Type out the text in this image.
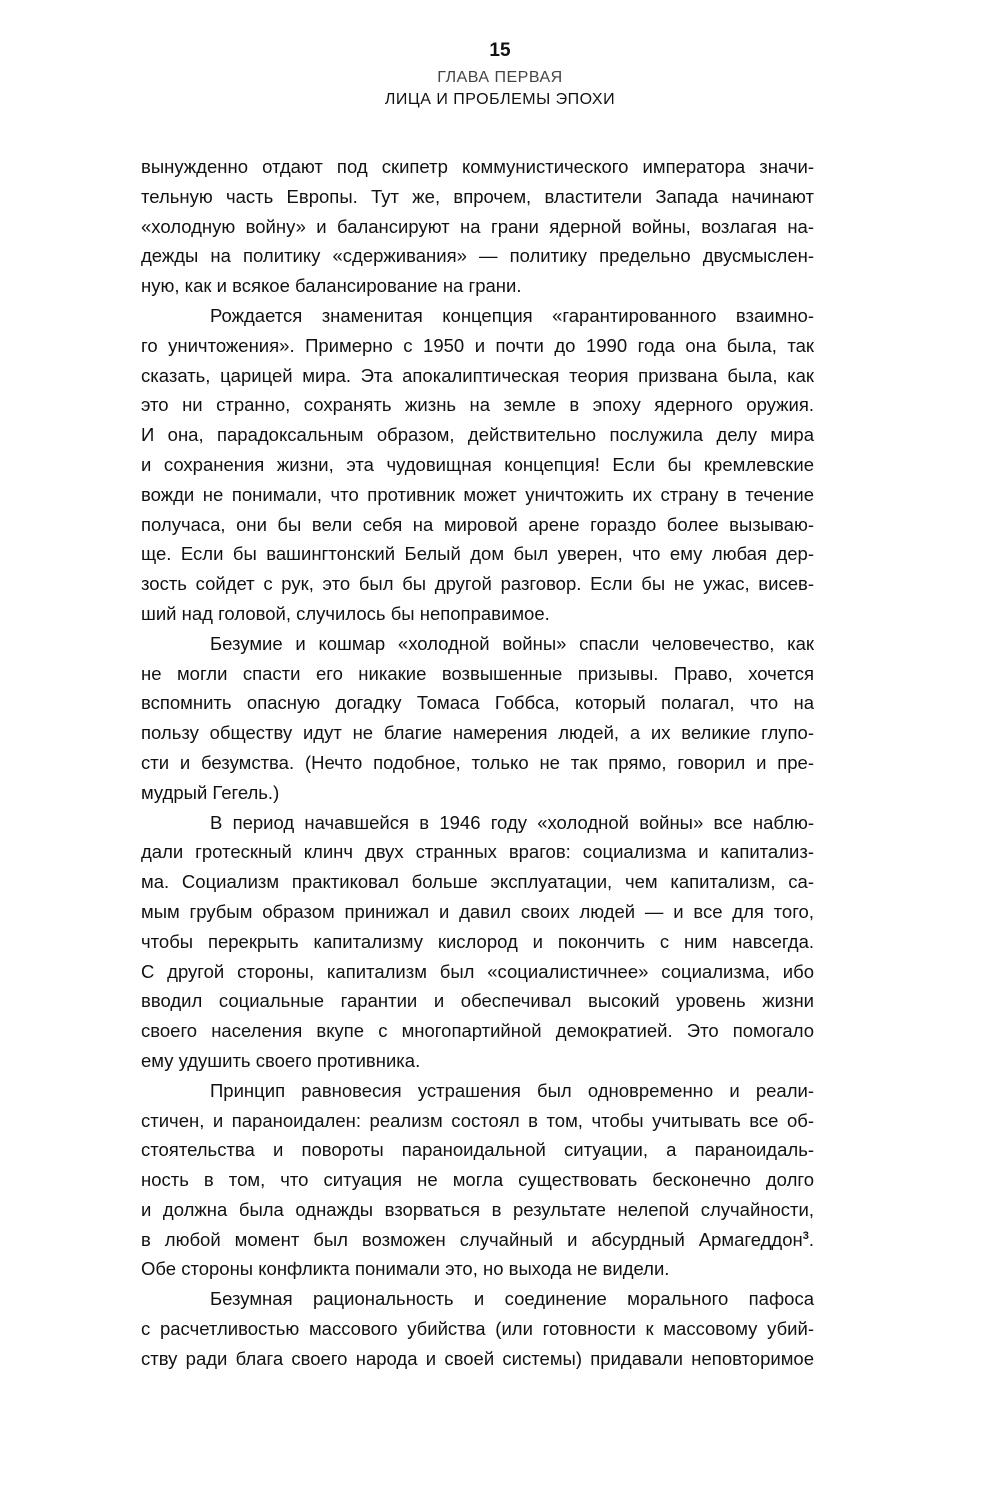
15
ГЛАВА ПЕРВАЯ
ЛИЦА И ПРОБЛЕМЫ ЭПОХИ
вынужденно отдают под скипетр коммунистического императора значи-
тельную часть Европы. Тут же, впрочем, властители Запада начинают
«холодную войну» и балансируют на грани ядерной войны, возлагая на-
дежды на политику «сдерживания» — политику предельно двусмыслен-
ную, как и всякое балансирование на грани.
Рождается знаменитая концепция «гарантированного взаимно-
го уничтожения». Примерно с 1950 и почти до 1990 года она была, так
сказать, царицей мира. Эта апокалиптическая теория призвана была, как
это ни странно, сохранять жизнь на земле в эпоху ядерного оружия.
И она, парадоксальным образом, действительно послужила делу мира
и сохранения жизни, эта чудовищная концепция! Если бы кремлевские
вожди не понимали, что противник может уничтожить их страну в течение
получаса, они бы вели себя на мировой арене гораздо более вызываю-
ще. Если бы вашингтонский Белый дом был уверен, что ему любая дер-
зость сойдет с рук, это был бы другой разговор. Если бы не ужас, висев-
ший над головой, случилось бы непоправимое.
Безумие и кошмар «холодной войны» спасли человечество, как
не могли спасти его никакие возвышенные призывы. Право, хочется
вспомнить опасную догадку Томаса Гоббса, который полагал, что на
пользу обществу идут не благие намерения людей, а их великие глупо-
сти и безумства. (Нечто подобное, только не так прямо, говорил и пре-
мудрый Гегель.)
В период начавшейся в 1946 году «холодной войны» все наблю-
дали гротескный клинч двух странных врагов: социализма и капитализ-
ма. Социализм практиковал больше эксплуатации, чем капитализм, са-
мым грубым образом принижал и давил своих людей — и все для того,
чтобы перекрыть капитализму кислород и покончить с ним навсегда.
С другой стороны, капитализм был «социалистичнее» социализма, ибо
вводил социальные гарантии и обеспечивал высокий уровень жизни
своего населения вкупе с многопартийной демократией. Это помогало
ему удушить своего противника.
Принцип равновесия устрашения был одновременно и реали-
стичен, и параноидален: реализм состоял в том, чтобы учитывать все об-
стоятельства и повороты параноидальной ситуации, а параноидаль-
ность в том, что ситуация не могла существовать бесконечно долго
и должна была однажды взорваться в результате нелепой случайности,
в любой момент был возможен случайный и абсурдный Армагеддон$^3$.
Обе стороны конфликта понимали это, но выхода не видели.
Безумная рациональность и соединение морального пафоса
с расчетливостью массового убийства (или готовности к массовому убий-
ству ради блага своего народа и своей системы) придавали неповторимое
